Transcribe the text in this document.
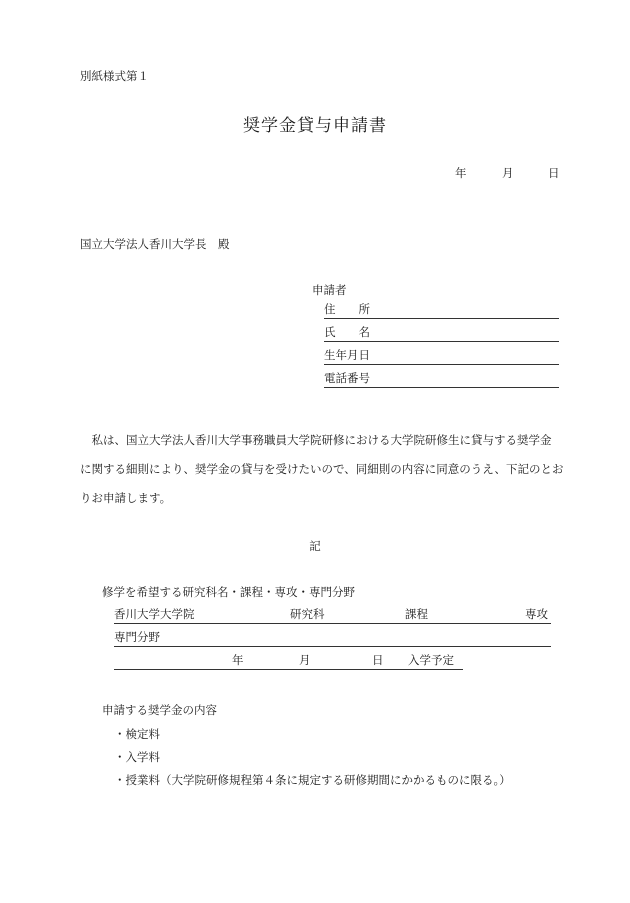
別紙様式第１
奨学金貸与申請書
年	月	日
国立大学法人香川大学長　殿
申請者
住　　所
氏　　名
生年月日
電話番号

　私は、国立大学法人香川大学事務職員大学院研修における大学院研修生に貸与する奨学金

に関する細則により、奨学金の貸与を受けたいので、同細則の内容に同意のうえ、下記のとお

りお申請します。

記
修学を希望する研究科名・課程・専攻・専門分野
香川大学大学院	研究科	課程	専攻
専門分野
年	月	日 入学予定
申請する奨学金の内容
・検定料
・入学料
・授業料（大学院研修規程第４条に規定する研修期間にかかるものに限る。）
